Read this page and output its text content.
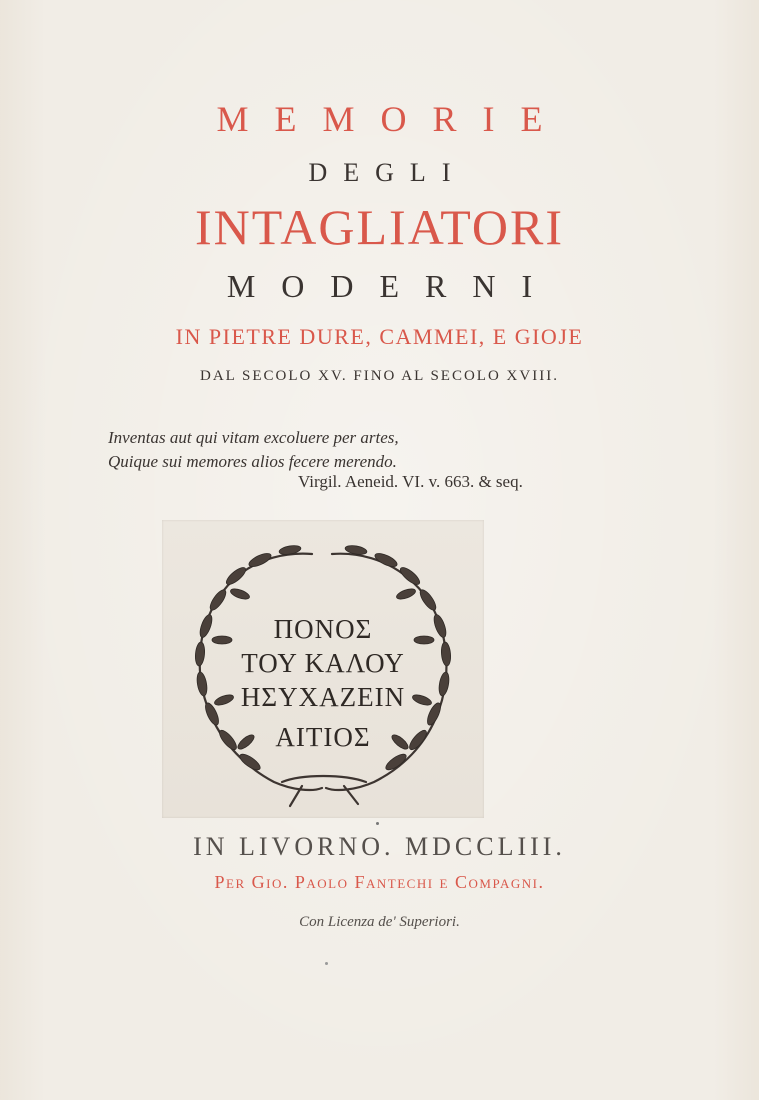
MEMORIE
DEGLI
INTAGLIATORI
MODERNI
IN PIETRE DURE, CAMMEI, E GIOJE
DAL SECOLO XV. FINO AL SECOLO XVIII.
Inventas aut qui vitam excoluere per artes,
Quique sui memores alios fecere merendo.
Virgil. Aeneid. VI. v. 663. & seq.
ΠΟΝΟΣ
ΤΟΥ ΚΑΛΟΥ
ΗΣΥΧΑΖΕΙΝ
ΑΙΤΙΟΣ
IN LIVORNO. MDCCLIII.
Per Gio. Paolo Fantechi e Compagni.
Con Licenza de' Superiori.
